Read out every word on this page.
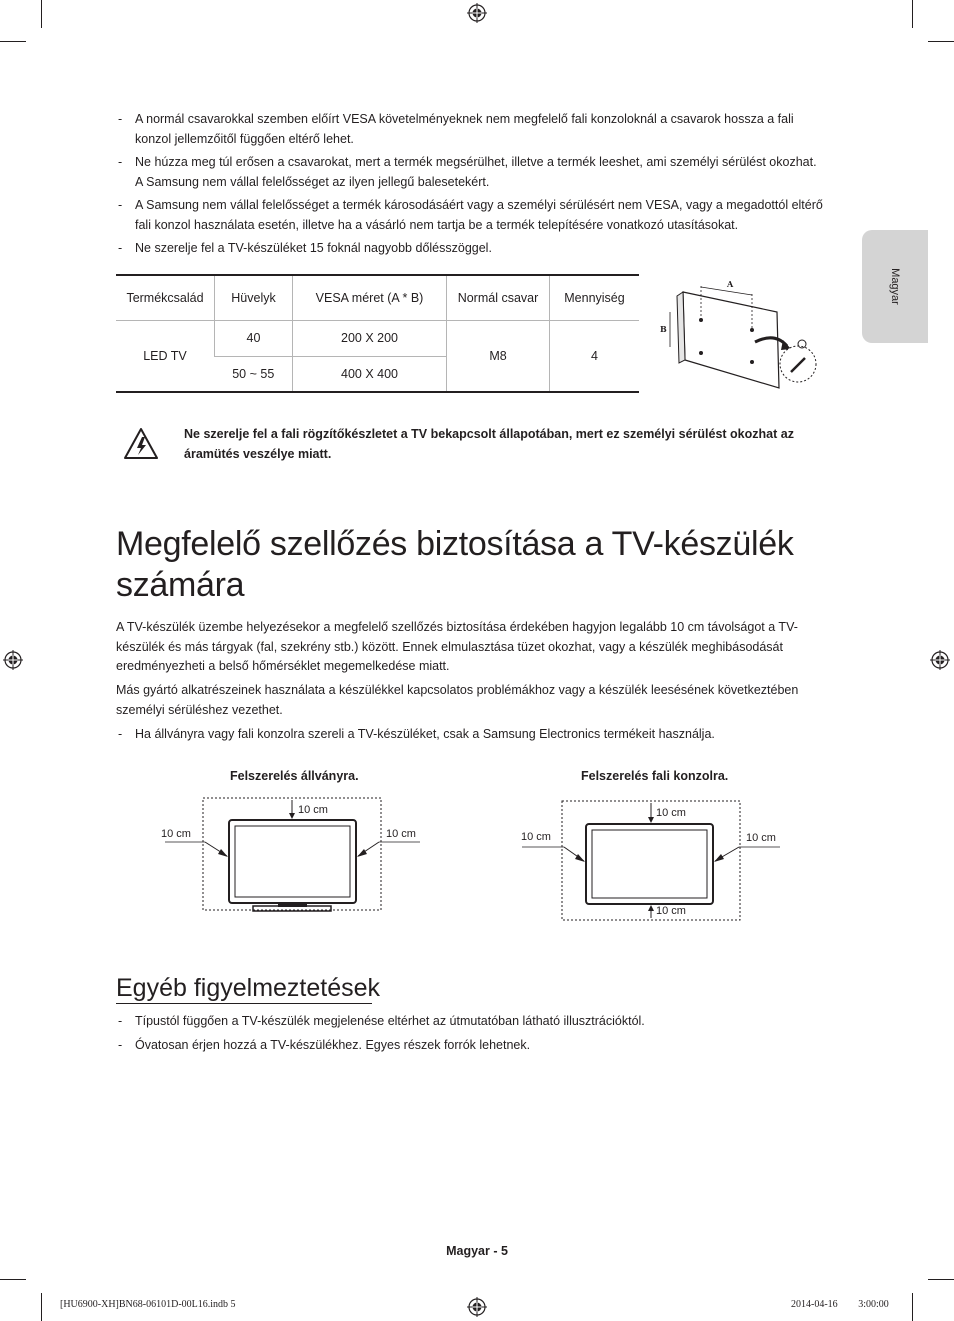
Magyar
- A normál csavarokkal szemben előírt VESA követelményeknek nem megfelelő fali konzoloknál a csavarok hossza a fali konzol jellemzőitől függően eltérő lehet.
- Ne húzza meg túl erősen a csavarokat, mert a termék megsérülhet, illetve a termék leeshet, ami személyi sérülést okozhat. A Samsung nem vállal felelősséget az ilyen jellegű balesetekért.
- A Samsung nem vállal felelősséget a termék károsodásáért vagy a személyi sérülésért nem VESA, vagy a megadottól eltérő fali konzol használata esetén, illetve ha a vásárló nem tartja be a termék telepítésére vonatkozó utasításokat.
- Ne szerelje fel a TV-készüléket 15 foknál nagyobb dőlésszöggel.
Termékcsalád	Hüvelyk	VESA méret (A * B)	Normál csavar	Mennyiség
LED TV	40	200 X 200	M8	4
	50 ~ 55	400 X 400		
A
B

Ne szerelje fel a fali rögzítőkészletet a TV bekapcsolt állapotában, mert ez személyi sérülést okozhat az áramütés veszélye miatt.

Megfelelő szellőzés biztosítása a TV-készülék számára

A TV-készülék üzembe helyezésekor a megfelelő szellőzés biztosítása érdekében hagyjon legalább 10 cm távolságot a TV-készülék és más tárgyak (fal, szekrény stb.) között. Ennek elmulasztása tüzet okozhat, vagy a készülék meghibásodását eredményezheti a belső hőmérséklet megemelkedése miatt.

Más gyártó alkatrészeinek használata a készülékkel kapcsolatos problémákhoz vagy a készülék leesésének következtében személyi sérüléshez vezethet.

- Ha állványra vagy fali konzolra szereli a TV-készüléket, csak a Samsung Electronics termékeit használja.
Felszerelés állványra.
10 cm
10 cm	10 cm
Felszerelés fali konzolra.
10 cm
10 cm	10 cm
10 cm
Egyéb figyelmeztetések
- Típustól függően a TV-készülék megjelenése eltérhet az útmutatóban látható illusztrációktól.
- Óvatosan érjen hozzá a TV-készülékhez. Egyes részek forrók lehetnek.
Magyar - 5
[HU6900-XH]BN68-06101D-00L16.indb 5	2014-04-16 ￿￿ 3:00:00
